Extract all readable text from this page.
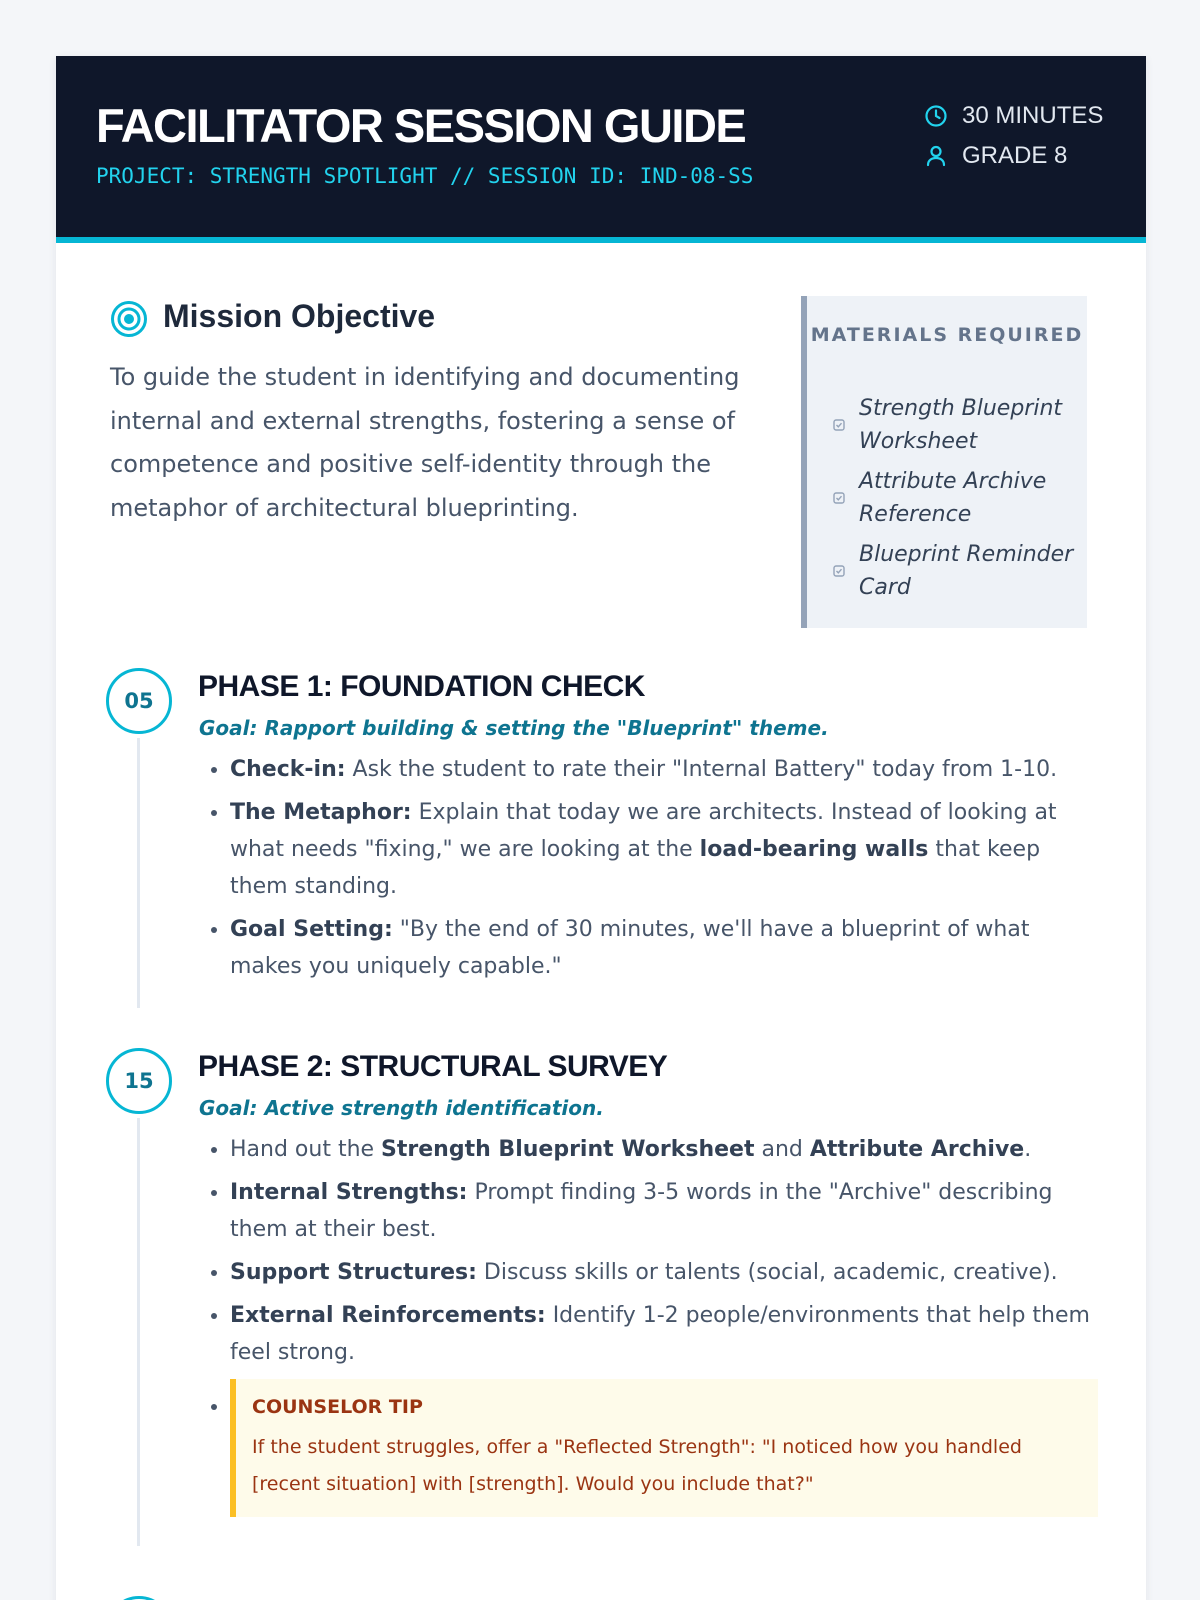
FACILITATOR SESSION GUIDE
PROJECT: STRENGTH SPOTLIGHT // SESSION ID: IND-08-SS
30 MINUTES
GRADE 8
Mission Objective

To guide the student in identifying and documenting internal and external strengths, fostering a sense of competence and positive self-identity through the metaphor of architectural blueprinting.

MATERIALS REQUIRED
Strength Blueprint Worksheet
Attribute Archive Reference
Blueprint Reminder Card
05	PHASE 1: FOUNDATION CHECK
Goal: Rapport building & setting the "Blueprint" theme.
• Check-in: Ask the student to rate their "Internal Battery" today from 1-10.
• The Metaphor: Explain that today we are architects. Instead of looking at what needs "fixing," we are looking at the load-bearing walls that keep them standing.
• Goal Setting: "By the end of 30 minutes, we'll have a blueprint of what makes you uniquely capable."
15	PHASE 2: STRUCTURAL SURVEY
Goal: Active strength identification.
• Hand out the Strength Blueprint Worksheet and Attribute Archive.
• Internal Strengths: Prompt finding 3-5 words in the "Archive" describing them at their best.
• Support Structures: Discuss skills or talents (social, academic, creative).
• External Reinforcements: Identify 1-2 people/environments that help them feel strong.
• COUNSELOR TIP
If the student struggles, offer a "Reflected Strength": "I noticed how you handled [recent situation] with [strength]. Would you include that?"
